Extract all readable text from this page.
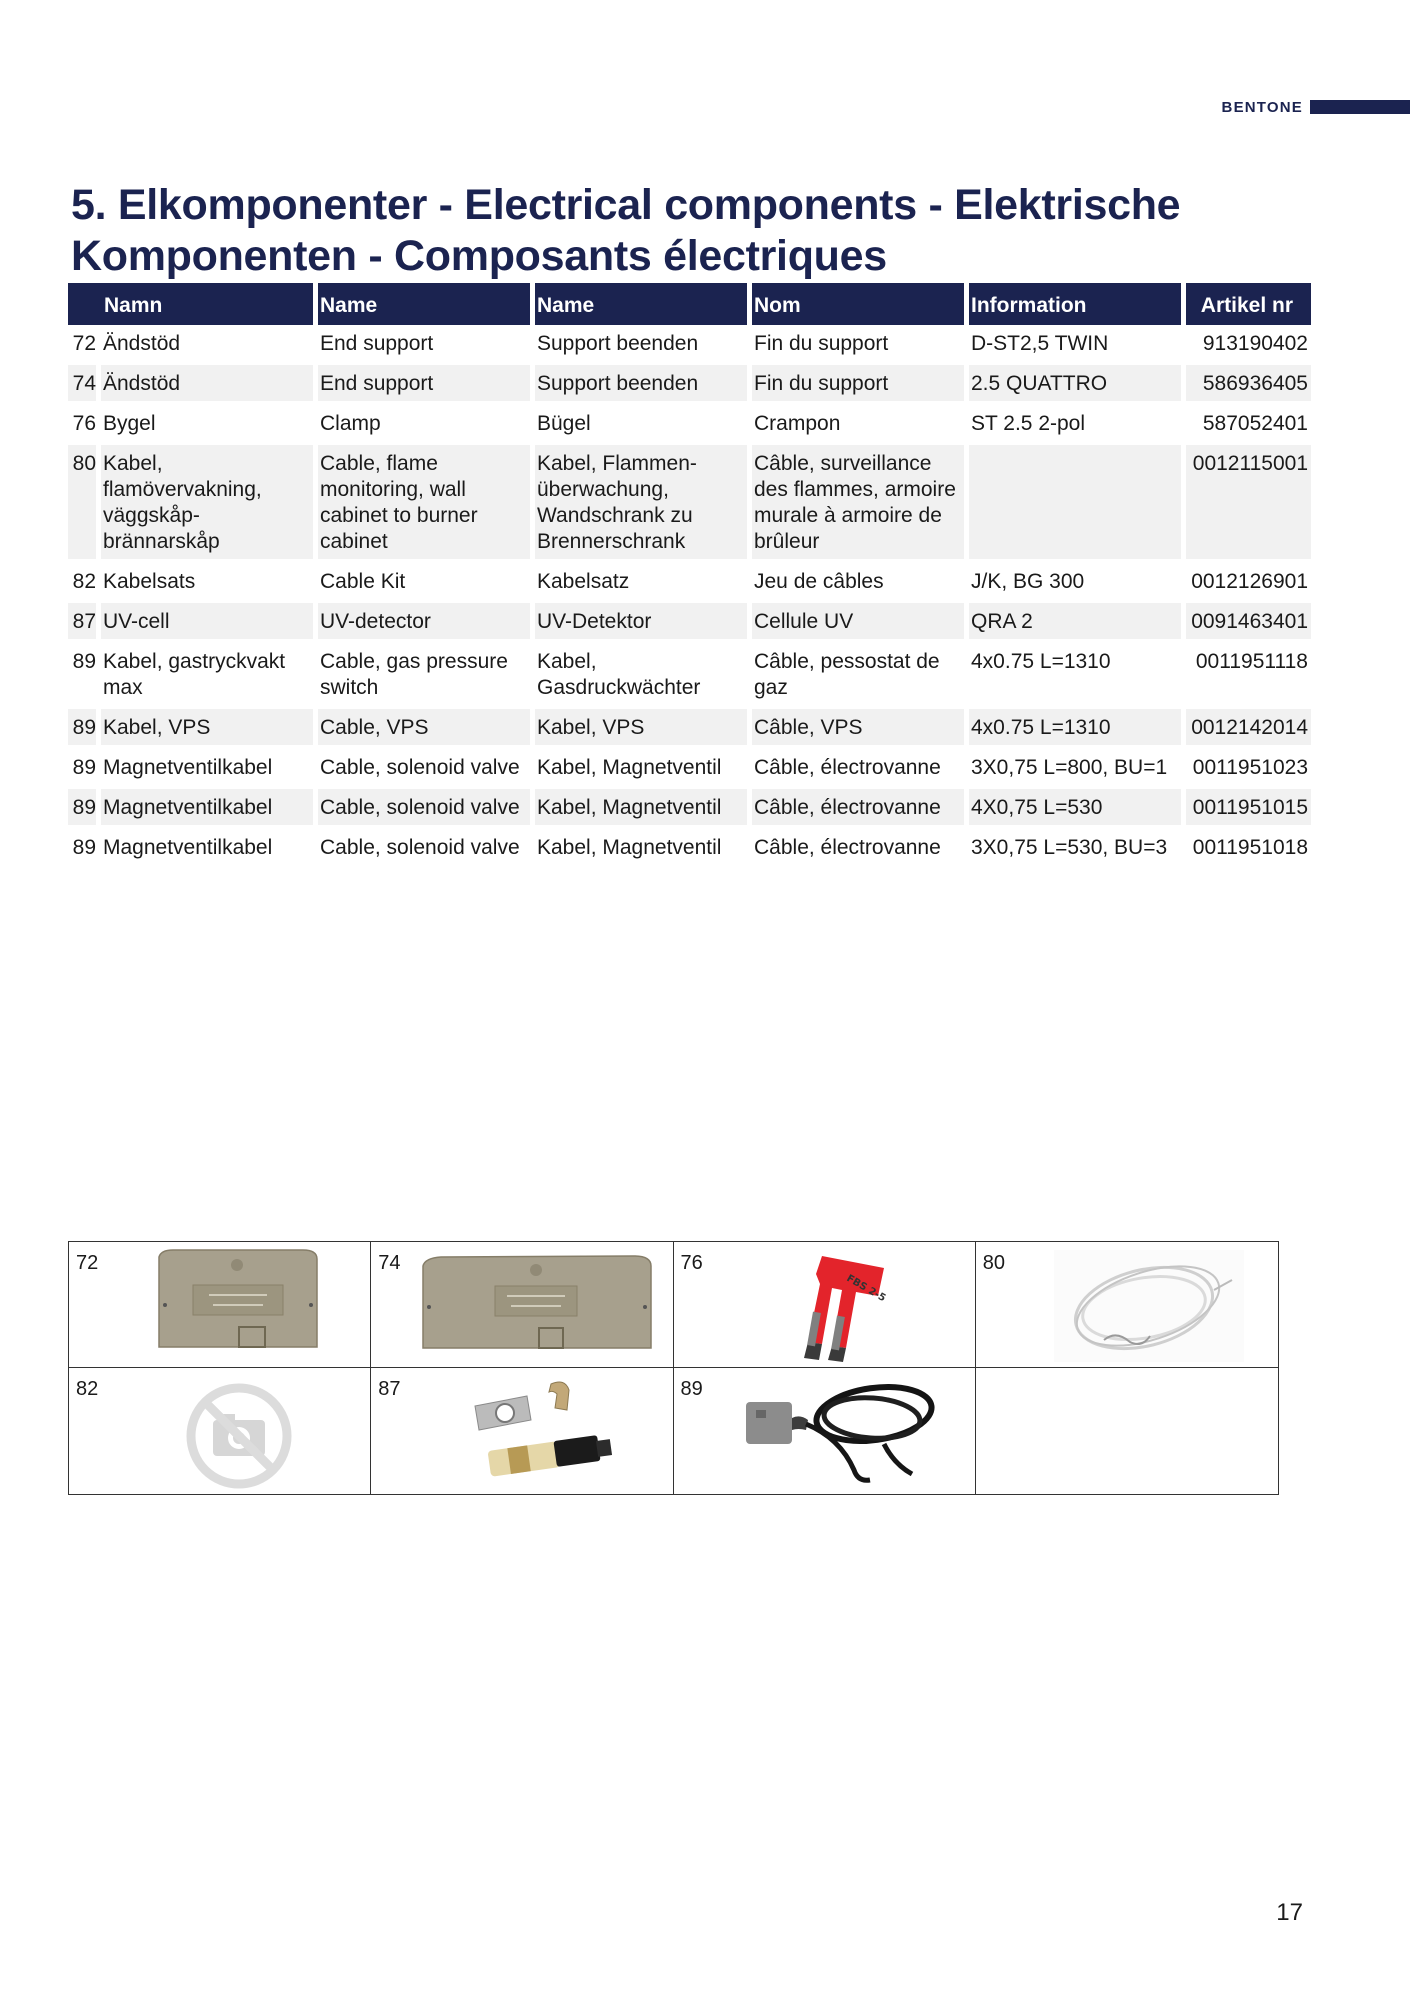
BENTONE
5. Elkomponenter - Electrical components - Elektrische Komponenten - Composants électriques
Namn		Name	Name	Nom	Information	Artikel nr
72	Ändstöd	End support	Support beenden	Fin du support	D-ST2,5 TWIN	913190402
74	Ändstöd	End support	Support beenden	Fin du support	2.5 QUATTRO	586936405
76	Bygel	Clamp	Bügel	Crampon	ST 2.5 2-pol	587052401
80	Kabel, flamövervakning, väggskåp-brännarskåp	Cable, flame monitoring, wall cabinet to burner cabinet	Kabel, Flammen-überwachung, Wandschrank zu Brennerschrank	Câble, surveillance des flammes, armoire murale à armoire de brûleur		0012115001
82	Kabelsats	Cable Kit	Kabelsatz	Jeu de câbles	J/K, BG 300	0012126901
87	UV-cell	UV-detector	UV-Detektor	Cellule UV	QRA 2	0091463401
89	Kabel, gastryckvakt max	Cable, gas pressure switch	Kabel, Gasdruckwächter	Câble, pessostat de gaz	4x0.75 L=1310	0011951118
89	Kabel, VPS	Cable, VPS	Kabel, VPS	Câble, VPS	4x0.75 L=1310	0012142014
89	Magnetventilkabel	Cable, solenoid valve	Kabel, Magnetventil	Câble, électrovanne	3X0,75 L=800, BU=1	0011951023
89	Magnetventilkabel	Cable, solenoid valve	Kabel, Magnetventil	Câble, électrovanne	4X0,75 L=530	0011951015
89	Magnetventilkabel	Cable, solenoid valve	Kabel, Magnetventil	Câble, électrovanne	3X0,75 L=530, BU=3	0011951018
72	74	76
FBS 2-5
80
82	87	89
17
